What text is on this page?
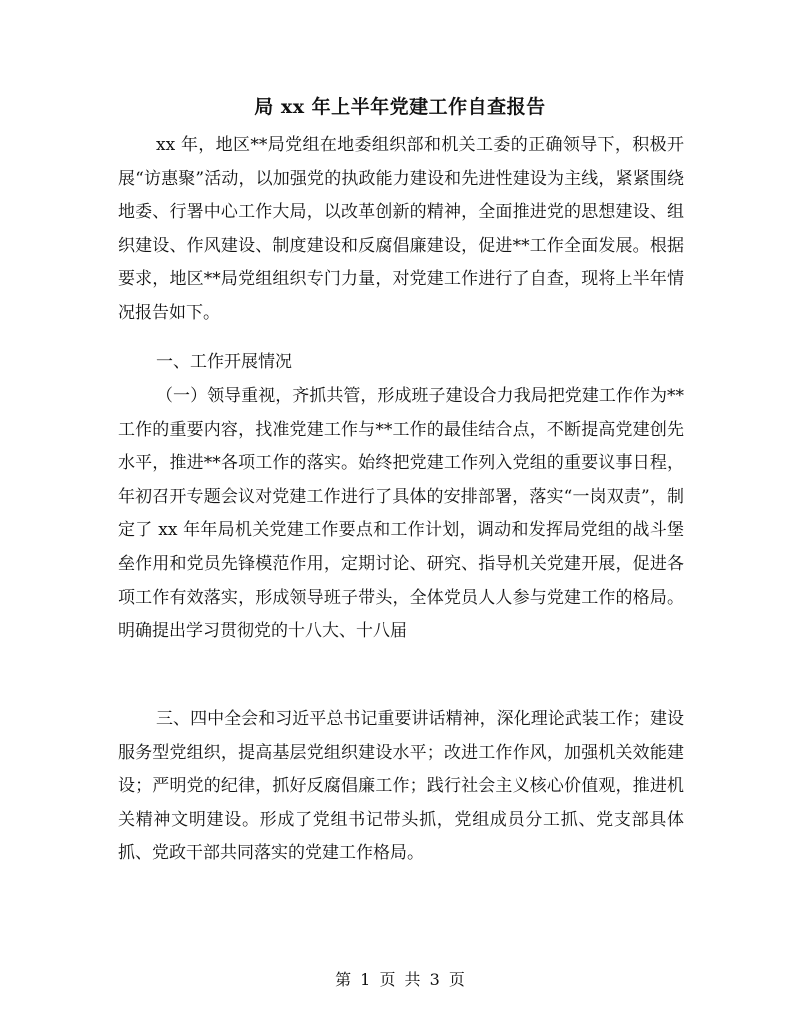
局 xx 年上半年党建工作自查报告

xx 年，地区**局党组在地委组织部和机关工委的正确领导下，积极开展“访惠聚”活动，以加强党的执政能力建设和先进性建设为主线，紧紧围绕地委、行署中心工作大局，以改革创新的精神，全面推进党的思想建设、组织建设、作风建设、制度建设和反腐倡廉建设，促进**工作全面发展。根据要求，地区**局党组组织专门力量，对党建工作进行了自查，现将上半年情况报告如下。

一、工作开展情况

（一）领导重视，齐抓共管，形成班子建设合力我局把党建工作作为**工作的重要内容，找准党建工作与**工作的最佳结合点，不断提高党建创先水平，推进**各项工作的落实。始终把党建工作列入党组的重要议事日程，年初召开专题会议对党建工作进行了具体的安排部署，落实“一岗双责”，制定了 xx 年年局机关党建工作要点和工作计划，调动和发挥局党组的战斗堡垒作用和党员先锋模范作用，定期讨论、研究、指导机关党建开展，促进各项工作有效落实，形成领导班子带头，全体党员人人参与党建工作的格局。明确提出学习贯彻党的十八大、十八届

三、四中全会和习近平总书记重要讲话精神，深化理论武装工作；建设服务型党组织，提高基层党组织建设水平；改进工作作风，加强机关效能建设；严明党的纪律，抓好反腐倡廉工作；践行社会主义核心价值观，推进机关精神文明建设。形成了党组书记带头抓，党组成员分工抓、党支部具体抓、党政干部共同落实的党建工作格局。

第 1 页 共 3 页
